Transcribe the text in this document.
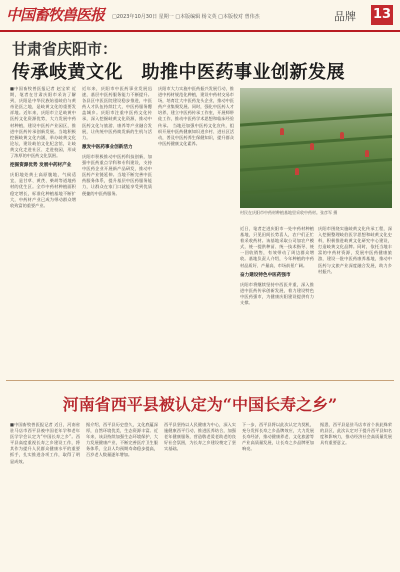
中国畜牧兽医报 □2023年10月30日 星期一 □本版编辑 杨文英 □本版校对 曾伟杰	品牌 13
甘肃省庆阳市：
传承岐黄文化　助推中医药事业创新发展
■中国畜牧兽医报记者 赵宝荣 近期，笔者在甘肃庆阳市采访了解到，庆阳是中华民族始祖岐伯与黄帝论医之地，是岐黄文化的重要发祥地。近年来，庆阳市立足岐黄中医药文化资源优势，大力发展中药材种植，建设中医药产业园区，推进中医药传承创新发展。当地积极挖掘岐黄文化内涵，举办岐黄文化论坛，建设岐伯文化纪念馆，让岐黄文化走进社区、走进校园，形成了浓厚的中医药文化氛围。
挖掘资源优势 发展中药材产业
庆阳地处黄土高原腹地，气候适宜，是甘草、黄芪、柴胡等道地药材的优生区。全市中药材种植面积稳定增长，标准化种植基地不断扩大，中药材产业已成为带动群众增收致富的重要产业。
近年来，庆阳市中医药事业发展迅速，基层中医药服务能力不断提升。各县区中医医院建设稳步推进，中医药人才队伍持续壮大，中医药服务覆盖城乡。庆阳市注重中医药文化传承，深入挖掘岐黄文化资源，推动中医药文化与旅游、康养等产业融合发展，让传统中医药焕发新的生机与活力。
激发中医药事业创新活力
庆阳市积极推动中医药科技创新，加强中医药重点学科和专科建设，支持中医药企业开展新产品研发，推动中医药产业链延伸。当地不断完善中医药服务体系，提升基层中医药服务能力，让群众在家门口就能享受到优质便捷的中医药服务。
庆阳市大力实施中医药振兴发展行动，推进中药材规范化种植，建设中药材交易市场，培育壮大中医药龙头企业，推动中医药产业集聚发展。同时，强化中医药人才培养，建立中医药传承工作室，开展师带徒工作，推动中医药学术思想和临床经验传承。 当地还加强中医药文化宣传，组织开展中医药健康知识进乡村、进社区活动，普及中医药养生保健知识，提升群众中医药健康文化素养。
村民在庆阳市中药材种植基地里采收中药材。张彦军 摄
近日，笔者走进庆阳市一处中药材种植基地，只见田间长势喜人，农户们正忙着采收药材。该基地采取公司加农户模式，统一提供种苗、统一技术指导、统一回收销售，有效带动了周边群众增收。基地负责人介绍，今年种植的中药材品质好、产量高，市场前景广阔。
奋力建设特色中医药强市
庆阳市将继续坚持中西医并重，深入推进中医药传承创新发展，着力建设特色中医药强市，为健康庆阳建设提供有力支撑。
庆阳市围绕实施岐黄文化传承工程，深入挖掘整理岐伯医学思想和岐黄文化史料，积极推进岐黄文化研究中心建设，打造岐黄文化品牌。同时，依托当地丰富的中药材资源，发展中医药健康旅游，建设一批中医药康养基地，推动中医药与文旅产业深度融合发展，助力乡村振兴。
河南省西平县被认定为“中国长寿之乡”
■中国畜牧兽医报记者 近日，河南省驻马店市西平县被中国老年学和老年医学学会认定为“中国长寿之乡”。西平县高度重视长寿之乡建设工作，将其作为提升人民群众健康水平的重要抓手，扎实推进各项工作，取得了明显成效。
据介绍，西平县历史悠久，文化底蕴深厚，自然环境优美，生态资源丰富。近年来，该县持续加强生态环境保护，大力发展健康产业，不断完善医疗卫生服务体系，全县人均预期寿命稳步提高，百岁老人数量逐年增加。
西平县坚持以人民健康为中心，深入实施健康西平行动，推进医养结合，加强老年健康服务，营造敬老爱老助老的良好社会氛围，为长寿之乡建设奠定了坚实基础。
下一步，西平县将以此次认定为契机，充分发挥长寿之乡品牌效应，大力发展长寿经济，推动健康养老、文化旅游等产业高质量发展，让长寿之乡品牌更加响亮。
据悉，西平县是驻马店市首个获此殊荣的县区，此次认定对于提升西平县知名度和影响力，推动经济社会高质量发展具有重要意义。
